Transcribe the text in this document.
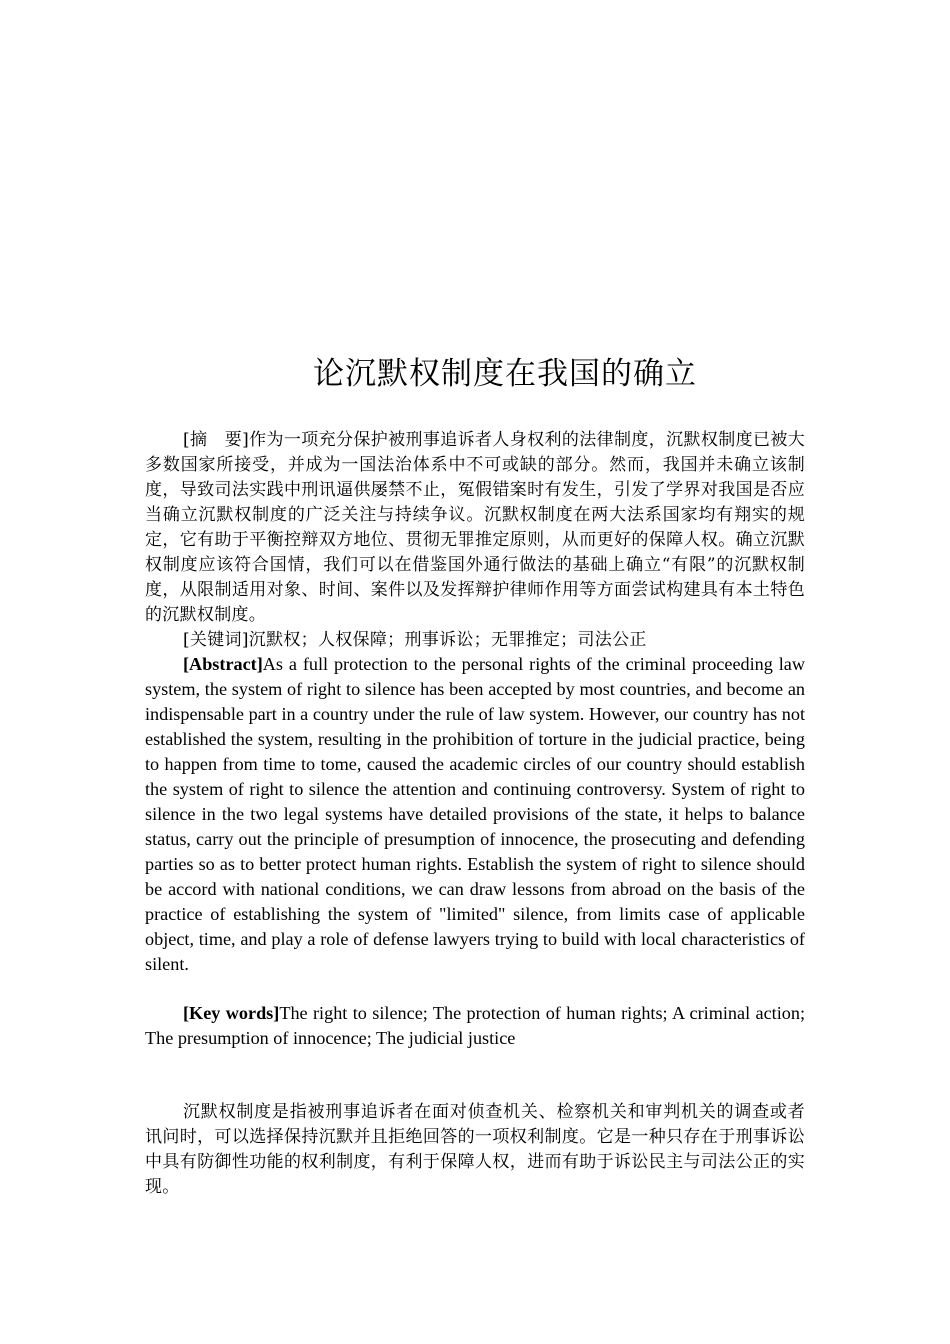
论沉默权制度在我国的确立

[摘　要]作为一项充分保护被刑事追诉者人身权利的法律制度，沉默权制度已被大多数国家所接受，并成为一国法治体系中不可或缺的部分。然而，我国并未确立该制度，导致司法实践中刑讯逼供屡禁不止，冤假错案时有发生，引发了学界对我国是否应当确立沉默权制度的广泛关注与持续争议。沉默权制度在两大法系国家均有翔实的规定，它有助于平衡控辩双方地位、贯彻无罪推定原则，从而更好的保障人权。确立沉默权制度应该符合国情，我们可以在借鉴国外通行做法的基础上确立“有限”的沉默权制度，从限制适用对象、时间、案件以及发挥辩护律师作用等方面尝试构建具有本土特色的沉默权制度。

[关键词]沉默权；人权保障；刑事诉讼；无罪推定；司法公正

[Abstract]As a full protection to the personal rights of the criminal proceeding law system, the system of right to silence has been accepted by most countries, and become an indispensable part in a country under the rule of law system. However, our country has not established the system, resulting in the prohibition of torture in the judicial practice, being to happen from time to tome, caused the academic circles of our country should establish the system of right to silence the attention and continuing controversy. System of right to silence in the two legal systems have detailed provisions of the state, it helps to balance status, carry out the principle of presumption of innocence, the prosecuting and defending parties so as to better protect human rights. Establish the system of right to silence should be accord with national conditions, we can draw lessons from abroad on the basis of the practice of establishing the system of "limited" silence, from limits case of applicable object, time, and play a role of defense lawyers trying to build with local characteristics of silent.

[Key words]The right to silence; The protection of human rights; A criminal action; The presumption of innocence; The judicial justice

沉默权制度是指被刑事追诉者在面对侦查机关、检察机关和审判机关的调查或者讯问时，可以选择保持沉默并且拒绝回答的一项权利制度。它是一种只存在于刑事诉讼中具有防御性功能的权利制度，有利于保障人权，进而有助于诉讼民主与司法公正的实现。
